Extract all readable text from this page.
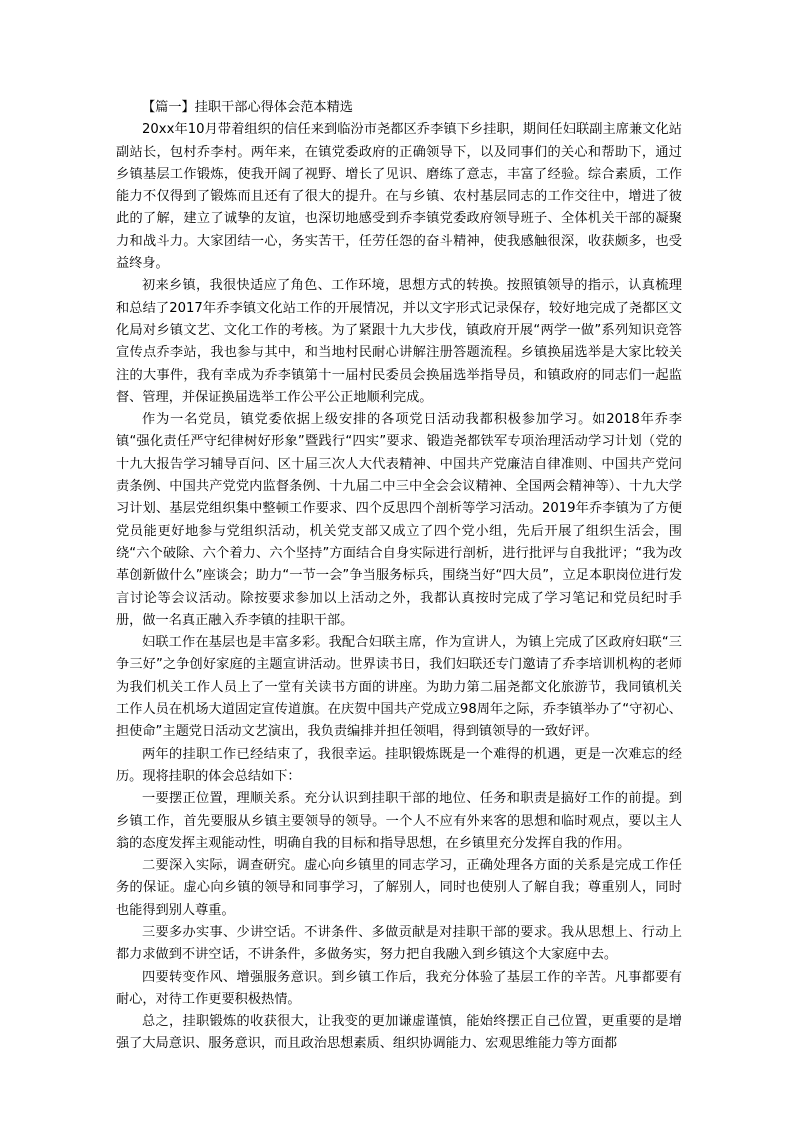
【篇一】挂职干部心得体会范本精选

20xx年10月带着组织的信任来到临汾市尧都区乔李镇下乡挂职，期间任妇联副主席兼文化站副站长，包村乔李村。两年来，在镇党委政府的正确领导下，以及同事们的关心和帮助下，通过乡镇基层工作锻炼，使我开阔了视野、增长了见识、磨练了意志，丰富了经验。综合素质，工作能力不仅得到了锻炼而且还有了很大的提升。在与乡镇、农村基层同志的工作交往中，增进了彼此的了解，建立了诚挚的友谊，也深切地感受到乔李镇党委政府领导班子、全体机关干部的凝聚力和战斗力。大家团结一心，务实苦干，任劳任怨的奋斗精神，使我感触很深，收获颇多，也受益终身。

初来乡镇，我很快适应了角色、工作环境，思想方式的转换。按照镇领导的指示，认真梳理和总结了2017年乔李镇文化站工作的开展情况，并以文字形式记录保存，较好地完成了尧都区文化局对乡镇文艺、文化工作的考核。为了紧跟十九大步伐，镇政府开展“两学一做”系列知识竞答宣传点乔李站，我也参与其中，和当地村民耐心讲解注册答题流程。乡镇换届选举是大家比较关注的大事件，我有幸成为乔李镇第十一届村民委员会换届选举指导员，和镇政府的同志们一起监督、管理，并保证换届选举工作公平公正地顺利完成。

作为一名党员，镇党委依据上级安排的各项党日活动我都积极参加学习。如2018年乔李镇“强化责任严守纪律树好形象”暨践行“四实”要求、锻造尧都铁军专项治理活动学习计划（党的十九大报告学习辅导百问、区十届三次人大代表精神、中国共产党廉洁自律准则、中国共产党问责条例、中国共产党党内监督条例、十九届二中三中全会会议精神、全国两会精神等）、十九大学习计划、基层党组织集中整顿工作要求、四个反思四个剖析等学习活动。2019年乔李镇为了方便党员能更好地参与党组织活动，机关党支部又成立了四个党小组，先后开展了组织生活会，围绕“六个破除、六个着力、六个坚持”方面结合自身实际进行剖析，进行批评与自我批评；“我为改革创新做什么”座谈会；助力“一节一会”争当服务标兵，围绕当好“四大员”，立足本职岗位进行发言讨论等会议活动。除按要求参加以上活动之外，我都认真按时完成了学习笔记和党员纪时手册，做一名真正融入乔李镇的挂职干部。

妇联工作在基层也是丰富多彩。我配合妇联主席，作为宣讲人，为镇上完成了区政府妇联“三争三好”之争创好家庭的主题宣讲活动。世界读书日，我们妇联还专门邀请了乔李培训机构的老师为我们机关工作人员上了一堂有关读书方面的讲座。为助力第二届尧都文化旅游节，我同镇机关工作人员在机场大道固定宣传道旗。在庆贺中国共产党成立98周年之际，乔李镇举办了“守初心、担使命”主题党日活动文艺演出，我负责编排并担任领唱，得到镇领导的一致好评。

两年的挂职工作已经结束了，我很幸运。挂职锻炼既是一个难得的机遇，更是一次难忘的经历。现将挂职的体会总结如下：

一要摆正位置，理顺关系。充分认识到挂职干部的地位、任务和职责是搞好工作的前提。到乡镇工作，首先要服从乡镇主要领导的领导。一个人不应有外来客的思想和临时观点，要以主人翁的态度发挥主观能动性，明确自我的目标和指导思想，在乡镇里充分发挥自我的作用。

二要深入实际，调查研究。虚心向乡镇里的同志学习，正确处理各方面的关系是完成工作任务的保证。虚心向乡镇的领导和同事学习，了解别人，同时也使别人了解自我；尊重别人，同时也能得到别人尊重。

三要多办实事、少讲空话。不讲条件、多做贡献是对挂职干部的要求。我从思想上、行动上都力求做到不讲空话，不讲条件，多做务实，努力把自我融入到乡镇这个大家庭中去。

四要转变作风、增强服务意识。到乡镇工作后，我充分体验了基层工作的辛苦。凡事都要有耐心，对待工作更要积极热情。

总之，挂职锻炼的收获很大，让我变的更加谦虚谨慎，能始终摆正自己位置，更重要的是增强了大局意识、服务意识，而且政治思想素质、组织协调能力、宏观思维能力等方面都
